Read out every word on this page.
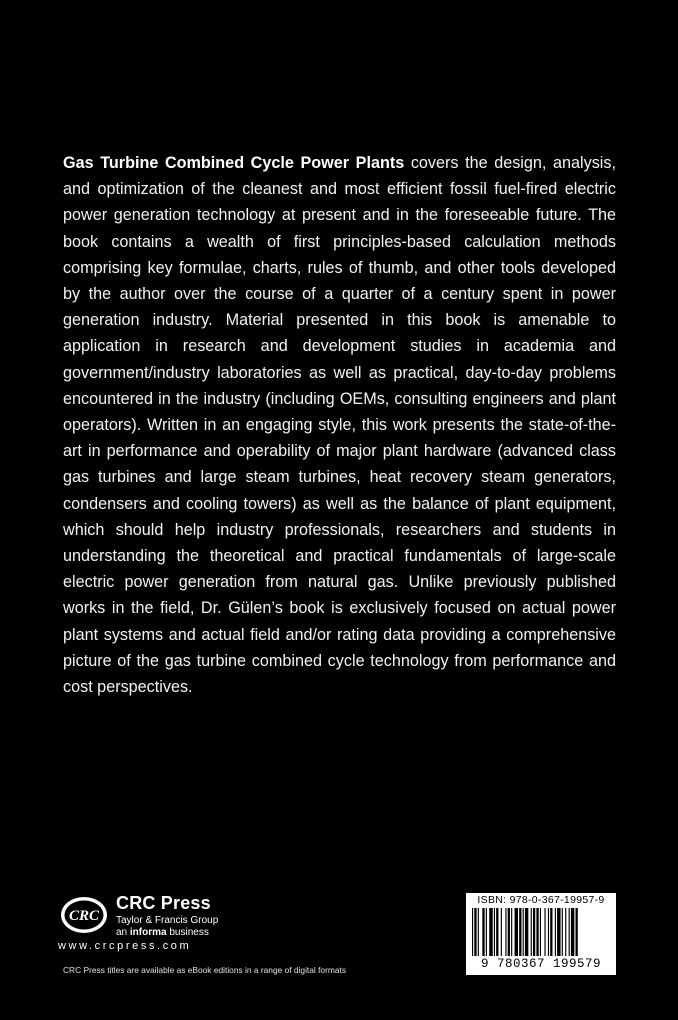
Gas Turbine Combined Cycle Power Plants covers the design, analysis, and optimization of the cleanest and most efficient fossil fuel-fired electric power generation technology at present and in the foreseeable future. The book contains a wealth of first principles-based calculation methods comprising key formulae, charts, rules of thumb, and other tools developed by the author over the course of a quarter of a century spent in power generation industry. Material presented in this book is amenable to application in research and development studies in academia and government/industry laboratories as well as practical, day-to-day problems encountered in the industry (including OEMs, consulting engineers and plant operators). Written in an engaging style, this work presents the state-of-the-art in performance and operability of major plant hardware (advanced class gas turbines and large steam turbines, heat recovery steam generators, condensers and cooling towers) as well as the balance of plant equipment, which should help industry professionals, researchers and students in understanding the theoretical and practical fundamentals of large-scale electric power generation from natural gas. Unlike previously published works in the field, Dr. Gülen’s book is exclusively focused on actual power plant systems and actual field and/or rating data providing a comprehensive picture of the gas turbine combined cycle technology from performance and cost perspectives.
CRC
CRC Press
Taylor & Francis Group
an informa business
www.crcpress.com
CRC Press titles are available as eBook editions in a range of digital formats
ISBN: 978-0-367-19957-9
9 780367 199579
